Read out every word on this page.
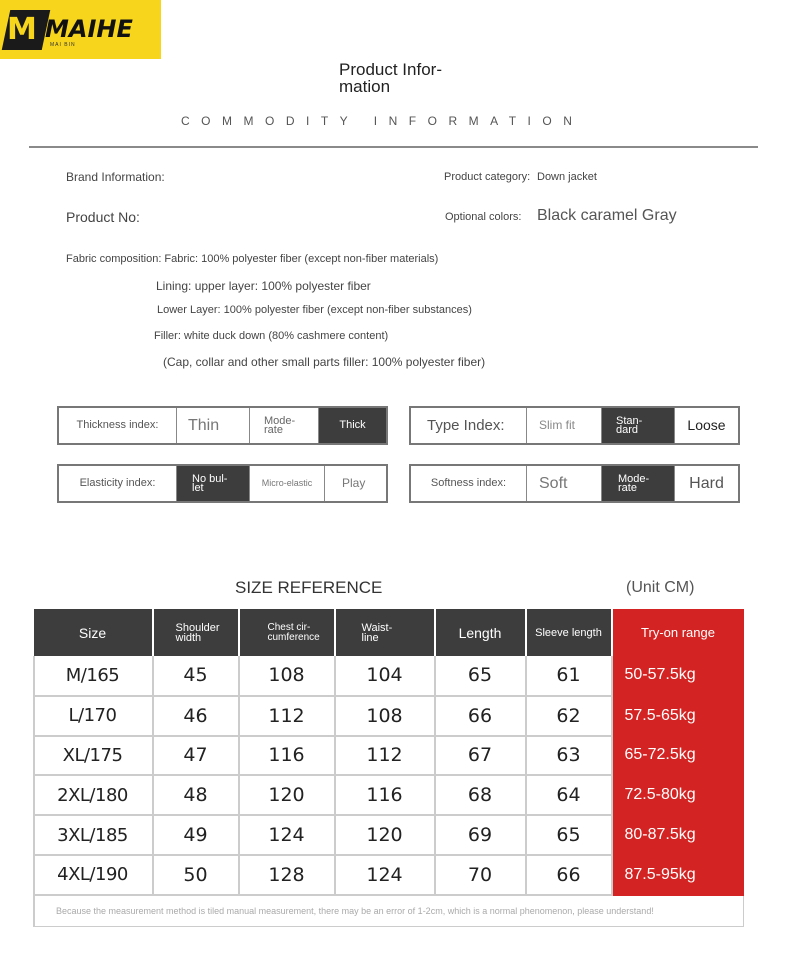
M MAIHE
MAI BIN
Product Infor-
mation
COMMODITY INFORMATION
Brand Information:
Product No:
Product category: Down jacket
Optional colors: Black caramel Gray
Fabric composition: Fabric: 100% polyester fiber (except non-fiber materials)
Lining: upper layer: 100% polyester fiber
Lower Layer: 100% polyester fiber (except non-fiber substances)
Filler: white duck down (80% cashmere content)
(Cap, collar and other small parts filler: 100% polyester fiber)
Thickness index:	Thin	Mode-
rate	Thick	Type Index:	Slim fit	Stan-
dard	Loose
Elasticity index:	No bul-
let	Micro-elastic	Play	Softness index:	Soft	Mode-
rate	Hard
SIZE REFERENCE	(Unit CM)
Size	Shoulder
width	Chest cir-
cumference	Waist-
line	Length	Sleeve length	Try-on range
M/165	45	108	104	65	61	50-57.5kg
L/170	46	112	108	66	62	57.5-65kg
XL/175	47	116	112	67	63	65-72.5kg
2XL/180	48	120	116	68	64	72.5-80kg
3XL/185	49	124	120	69	65	80-87.5kg
4XL/190	50	128	124	70	66	87.5-95kg
Because the measurement method is tiled manual measurement, there may be an error of 1-2cm, which is a normal phenomenon, please understand!						
